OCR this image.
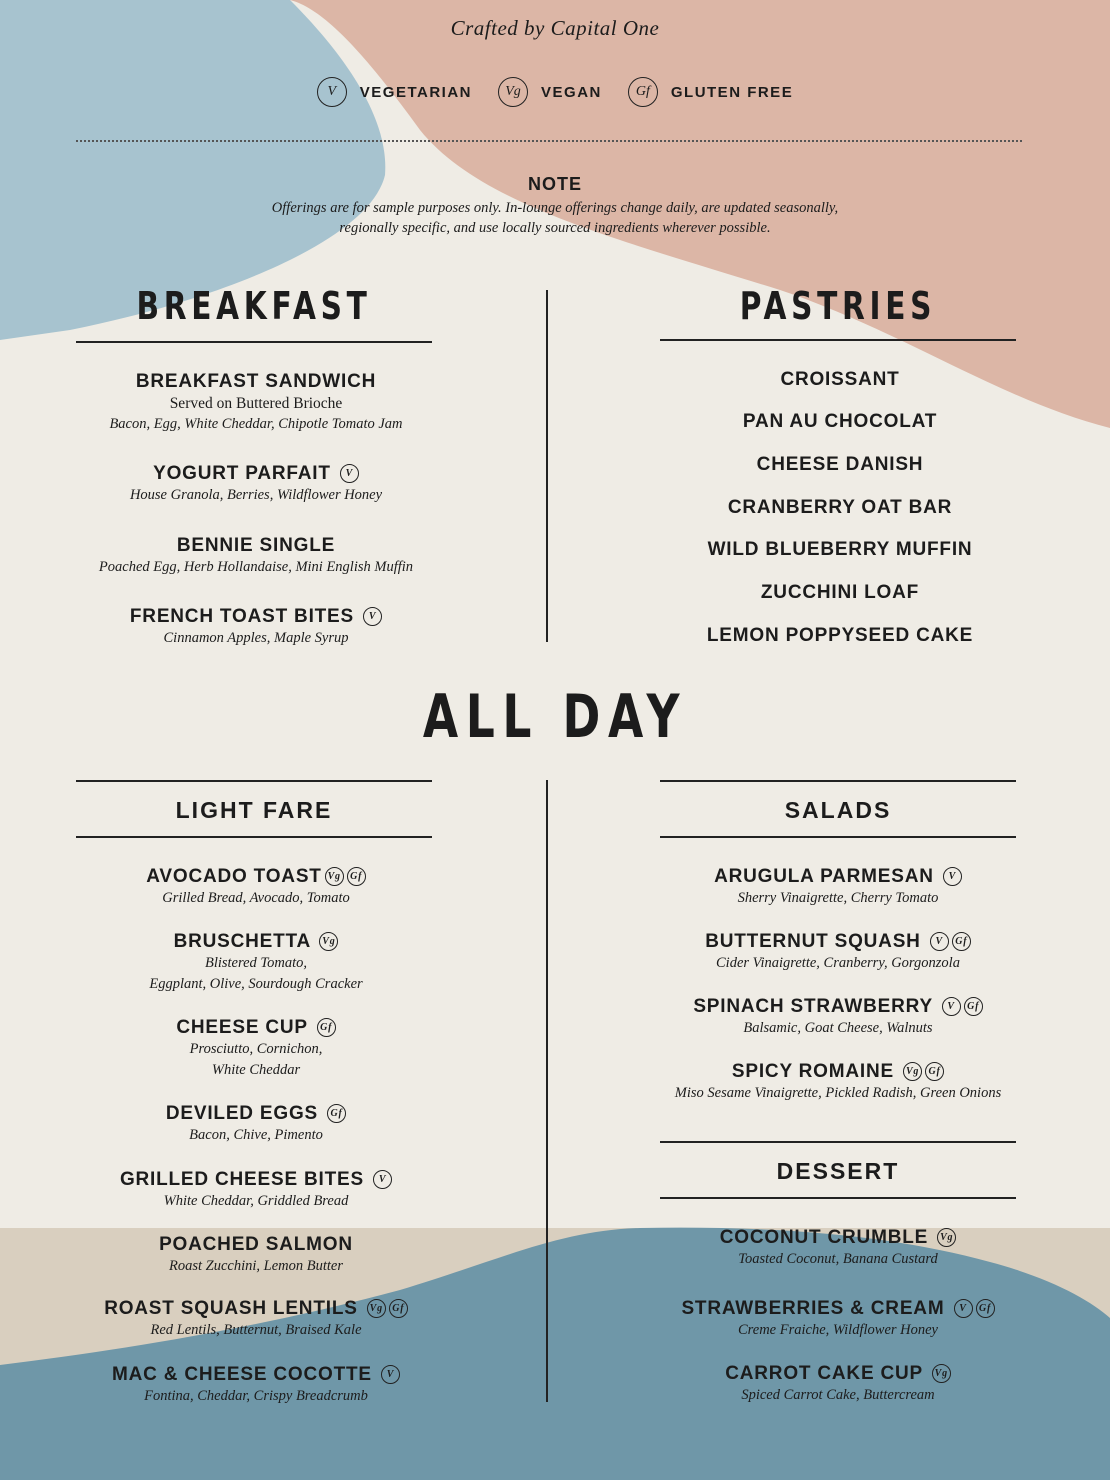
Crafted by Capital One
V	VEGETARIAN	Vg	VEGAN	Gf	GLUTEN FREE
NOTE
Offerings are for sample purposes only. In-lounge offerings change daily, are updated seasonally,
regionally specific, and use locally sourced ingredients wherever possible.
BREAKFAST
BREAKFAST SANDWICH
Served on Buttered Brioche
Bacon, Egg, White Cheddar, Chipotle Tomato Jam
YOGURT PARFAIT V
House Granola, Berries, Wildflower Honey
BENNIE SINGLE
Poached Egg, Herb Hollandaise, Mini English Muffin
FRENCH TOAST BITES V
Cinnamon Apples, Maple Syrup
PASTRIES
CROISSANT
PAN AU CHOCOLAT
CHEESE DANISH
CRANBERRY OAT BAR
WILD BLUEBERRY MUFFIN
ZUCCHINI LOAF
LEMON POPPYSEED CAKE
ALL DAY
LIGHT FARE
AVOCADO TOAST Vg Gf
Grilled Bread, Avocado, Tomato
BRUSCHETTA Vg
Blistered Tomato,
Eggplant, Olive, Sourdough Cracker
CHEESE CUP Gf
Prosciutto, Cornichon,
White Cheddar
DEVILED EGGS Gf
Bacon, Chive, Pimento
GRILLED CHEESE BITES V
White Cheddar, Griddled Bread
POACHED SALMON
Roast Zucchini, Lemon Butter
ROAST SQUASH LENTILS Vg Gf
Red Lentils, Butternut, Braised Kale
MAC & CHEESE COCOTTE V
Fontina, Cheddar, Crispy Breadcrumb
SALADS
ARUGULA PARMESAN V
Sherry Vinaigrette, Cherry Tomato
BUTTERNUT SQUASH V Gf
Cider Vinaigrette, Cranberry, Gorgonzola
SPINACH STRAWBERRY V Gf
Balsamic, Goat Cheese, Walnuts
SPICY ROMAINE Vg Gf
Miso Sesame Vinaigrette, Pickled Radish, Green Onions
DESSERT
COCONUT CRUMBLE Vg
Toasted Coconut, Banana Custard
STRAWBERRIES & CREAM V Gf
Creme Fraiche, Wildflower Honey
CARROT CAKE CUP Vg
Spiced Carrot Cake, Buttercream
